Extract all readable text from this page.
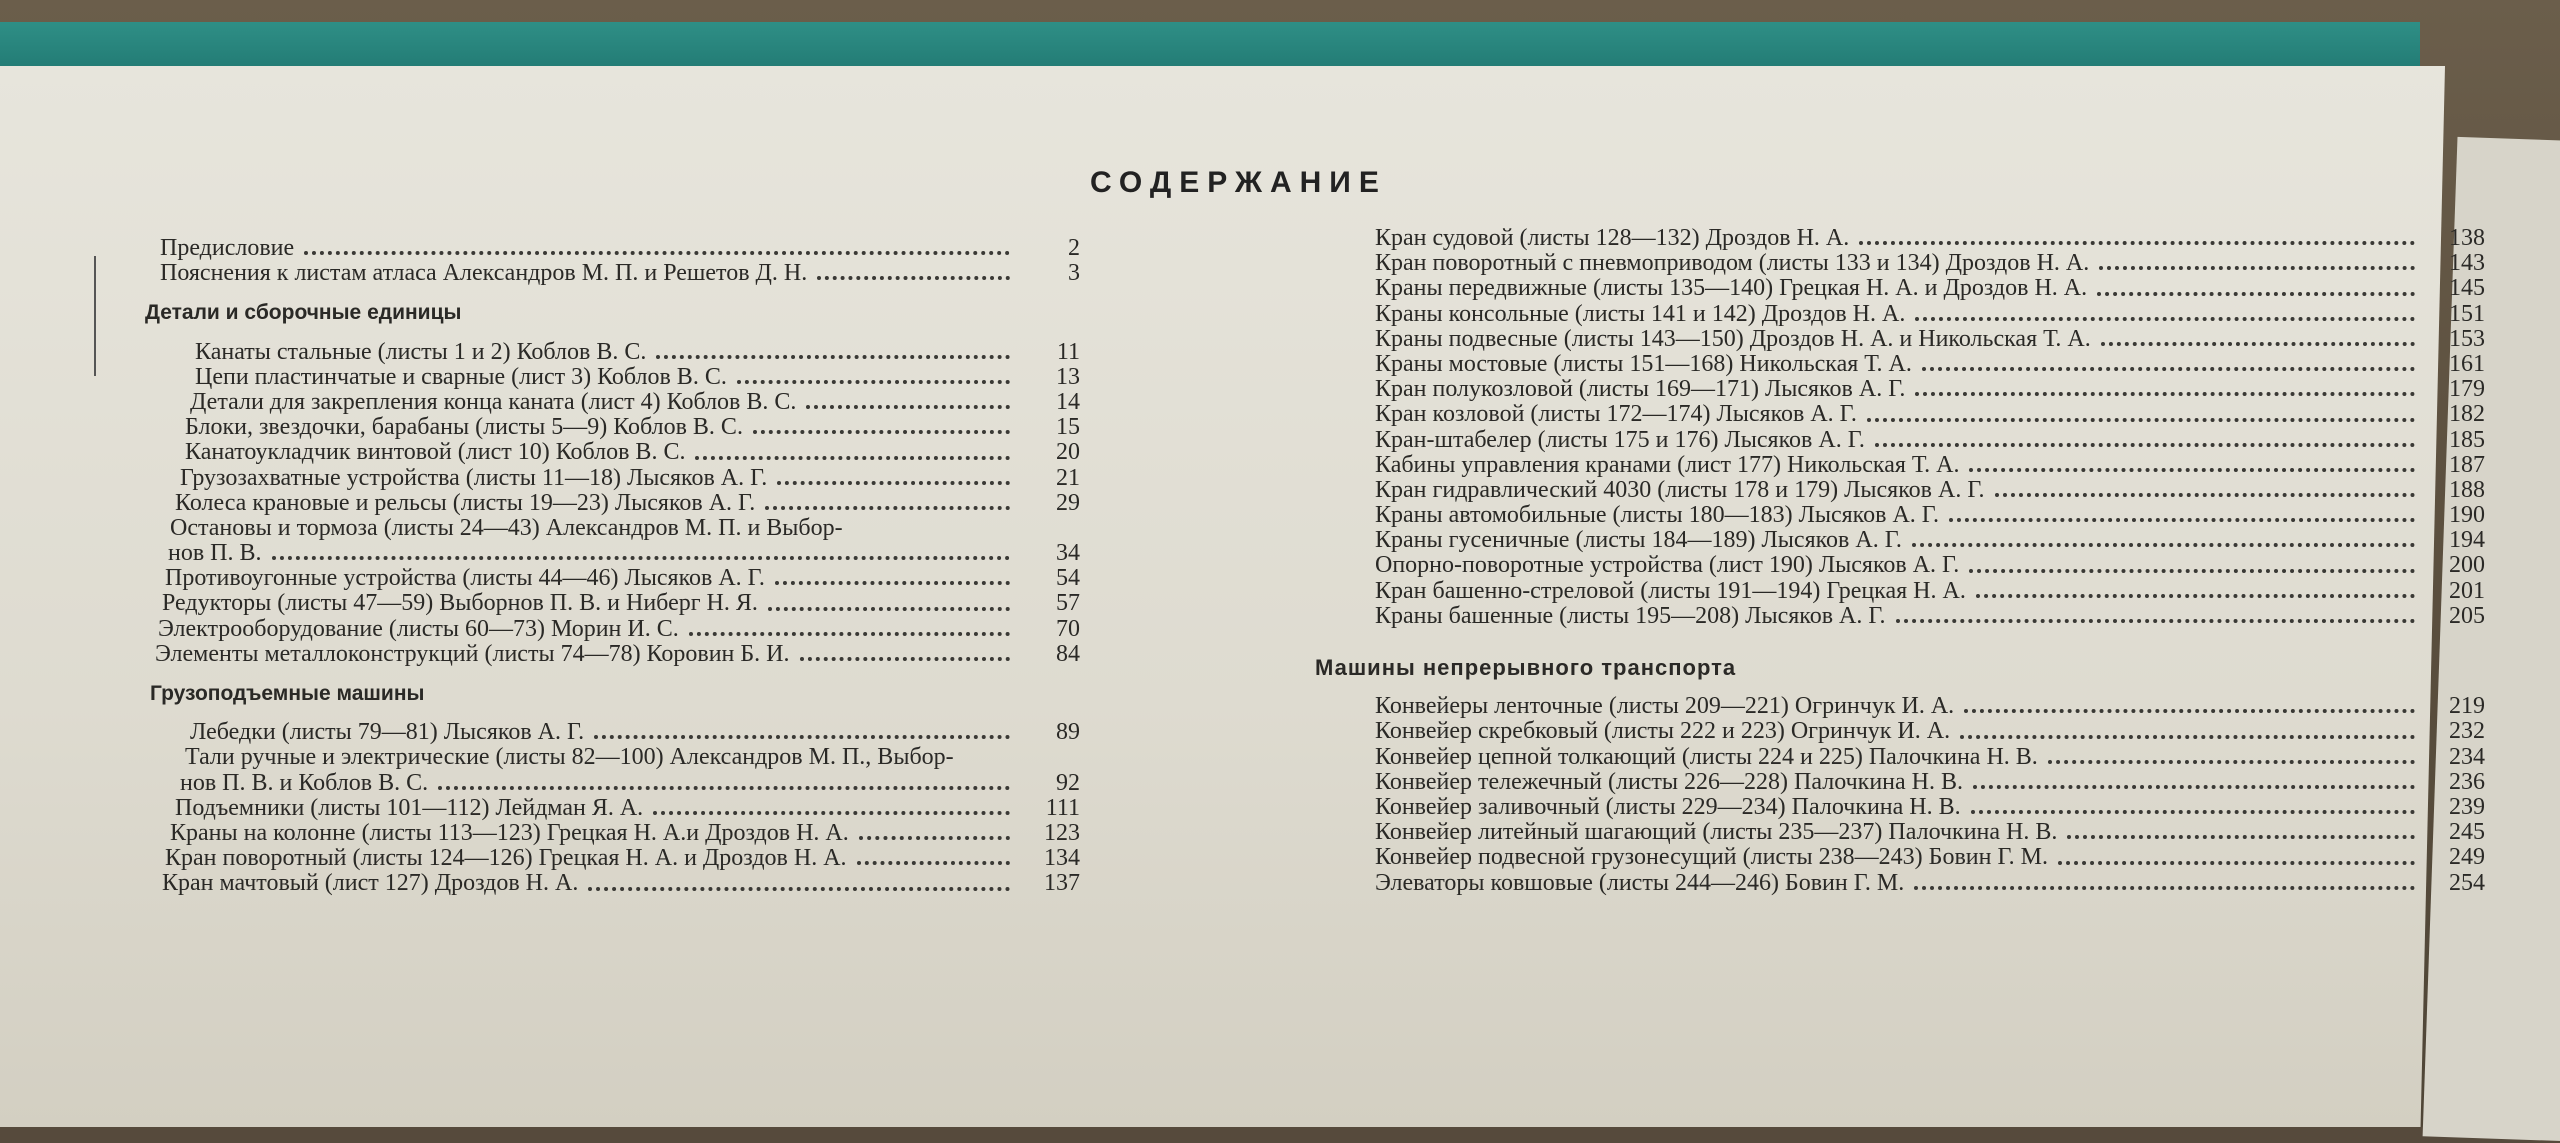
СОДЕРЖАНИЕ
Предисловие	2
Пояснения к листам атласа Александров М. П. и Решетов Д. Н.	3
Детали и сборочные единицы
Канаты стальные (листы 1 и 2) Коблов В. С.	11
Цепи пластинчатые и сварные (лист 3) Коблов В. С.	13
Детали для закрепления конца каната (лист 4) Коблов В. С.	14
Блоки, звездочки, барабаны (листы 5—9) Коблов В. С.	15
Канатоукладчик винтовой (лист 10) Коблов В. С.	20
Грузозахватные устройства (листы 11—18) Лысяков А. Г.	21
Колеса крановые и рельсы (листы 19—23) Лысяков А. Г.	29
Остановы и тормоза (листы 24—43) Александров М. П. и Выбор-
нов П. В.	34
Противоугонные устройства (листы 44—46) Лысяков А. Г.	54
Редукторы (листы 47—59) Выборнов П. В. и Ниберг Н. Я.	57
Электрооборудование (листы 60—73) Морин И. С.	70
Элементы металлоконструкций (листы 74—78) Коровин Б. И.	84
Грузоподъемные машины
Лебедки (листы 79—81) Лысяков А. Г.	89
Тали ручные и электрические (листы 82—100) Александров М. П., Выбор-
нов П. В. и Коблов В. С.	92
Подъемники (листы 101—112) Лейдман Я. А.	111
Краны на колонне (листы 113—123) Грецкая Н. А.и Дроздов Н. А.	123
Кран поворотный (листы 124—126) Грецкая Н. А. и Дроздов Н. А.	134
Кран мачтовый (лист 127) Дроздов Н. А.	137
Кран судовой (листы 128—132) Дроздов Н. А.	138
Кран поворотный с пневмоприводом (листы 133 и 134) Дроздов Н. А.	143
Краны передвижные (листы 135—140) Грецкая Н. А. и Дроздов Н. А.	145
Краны консольные (листы 141 и 142) Дроздов Н. А.	151
Краны подвесные (листы 143—150) Дроздов Н. А. и Никольская Т. А.	153
Краны мостовые (листы 151—168) Никольская Т. А.	161
Кран полукозловой (листы 169—171) Лысяков А. Г.	179
Кран козловой (листы 172—174) Лысяков А. Г.	182
Кран-штабелер (листы 175 и 176) Лысяков А. Г.	185
Кабины управления кранами (лист 177) Никольская Т. А.	187
Кран гидравлический 4030 (листы 178 и 179) Лысяков А. Г.	188
Краны автомобильные (листы 180—183) Лысяков А. Г.	190
Краны гусеничные (листы 184—189) Лысяков А. Г.	194
Опорно-поворотные устройства (лист 190) Лысяков А. Г.	200
Кран башенно-стреловой (листы 191—194) Грецкая Н. А.	201
Краны башенные (листы 195—208) Лысяков А. Г.	205
Машины непрерывного транспорта
Конвейеры ленточные (листы 209—221) Огринчук И. А.	219
Конвейер скребковый (листы 222 и 223) Огринчук И. А.	232
Конвейер цепной толкающий (листы 224 и 225) Палочкина Н. В.	234
Конвейер тележечный (листы 226—228) Палочкина Н. В.	236
Конвейер заливочный (листы 229—234) Палочкина Н. В.	239
Конвейер литейный шагающий (листы 235—237) Палочкина Н. В.	245
Конвейер подвесной грузонесущий (листы 238—243) Бовин Г. М.	249
Элеваторы ковшовые (листы 244—246) Бовин Г. М.	254
